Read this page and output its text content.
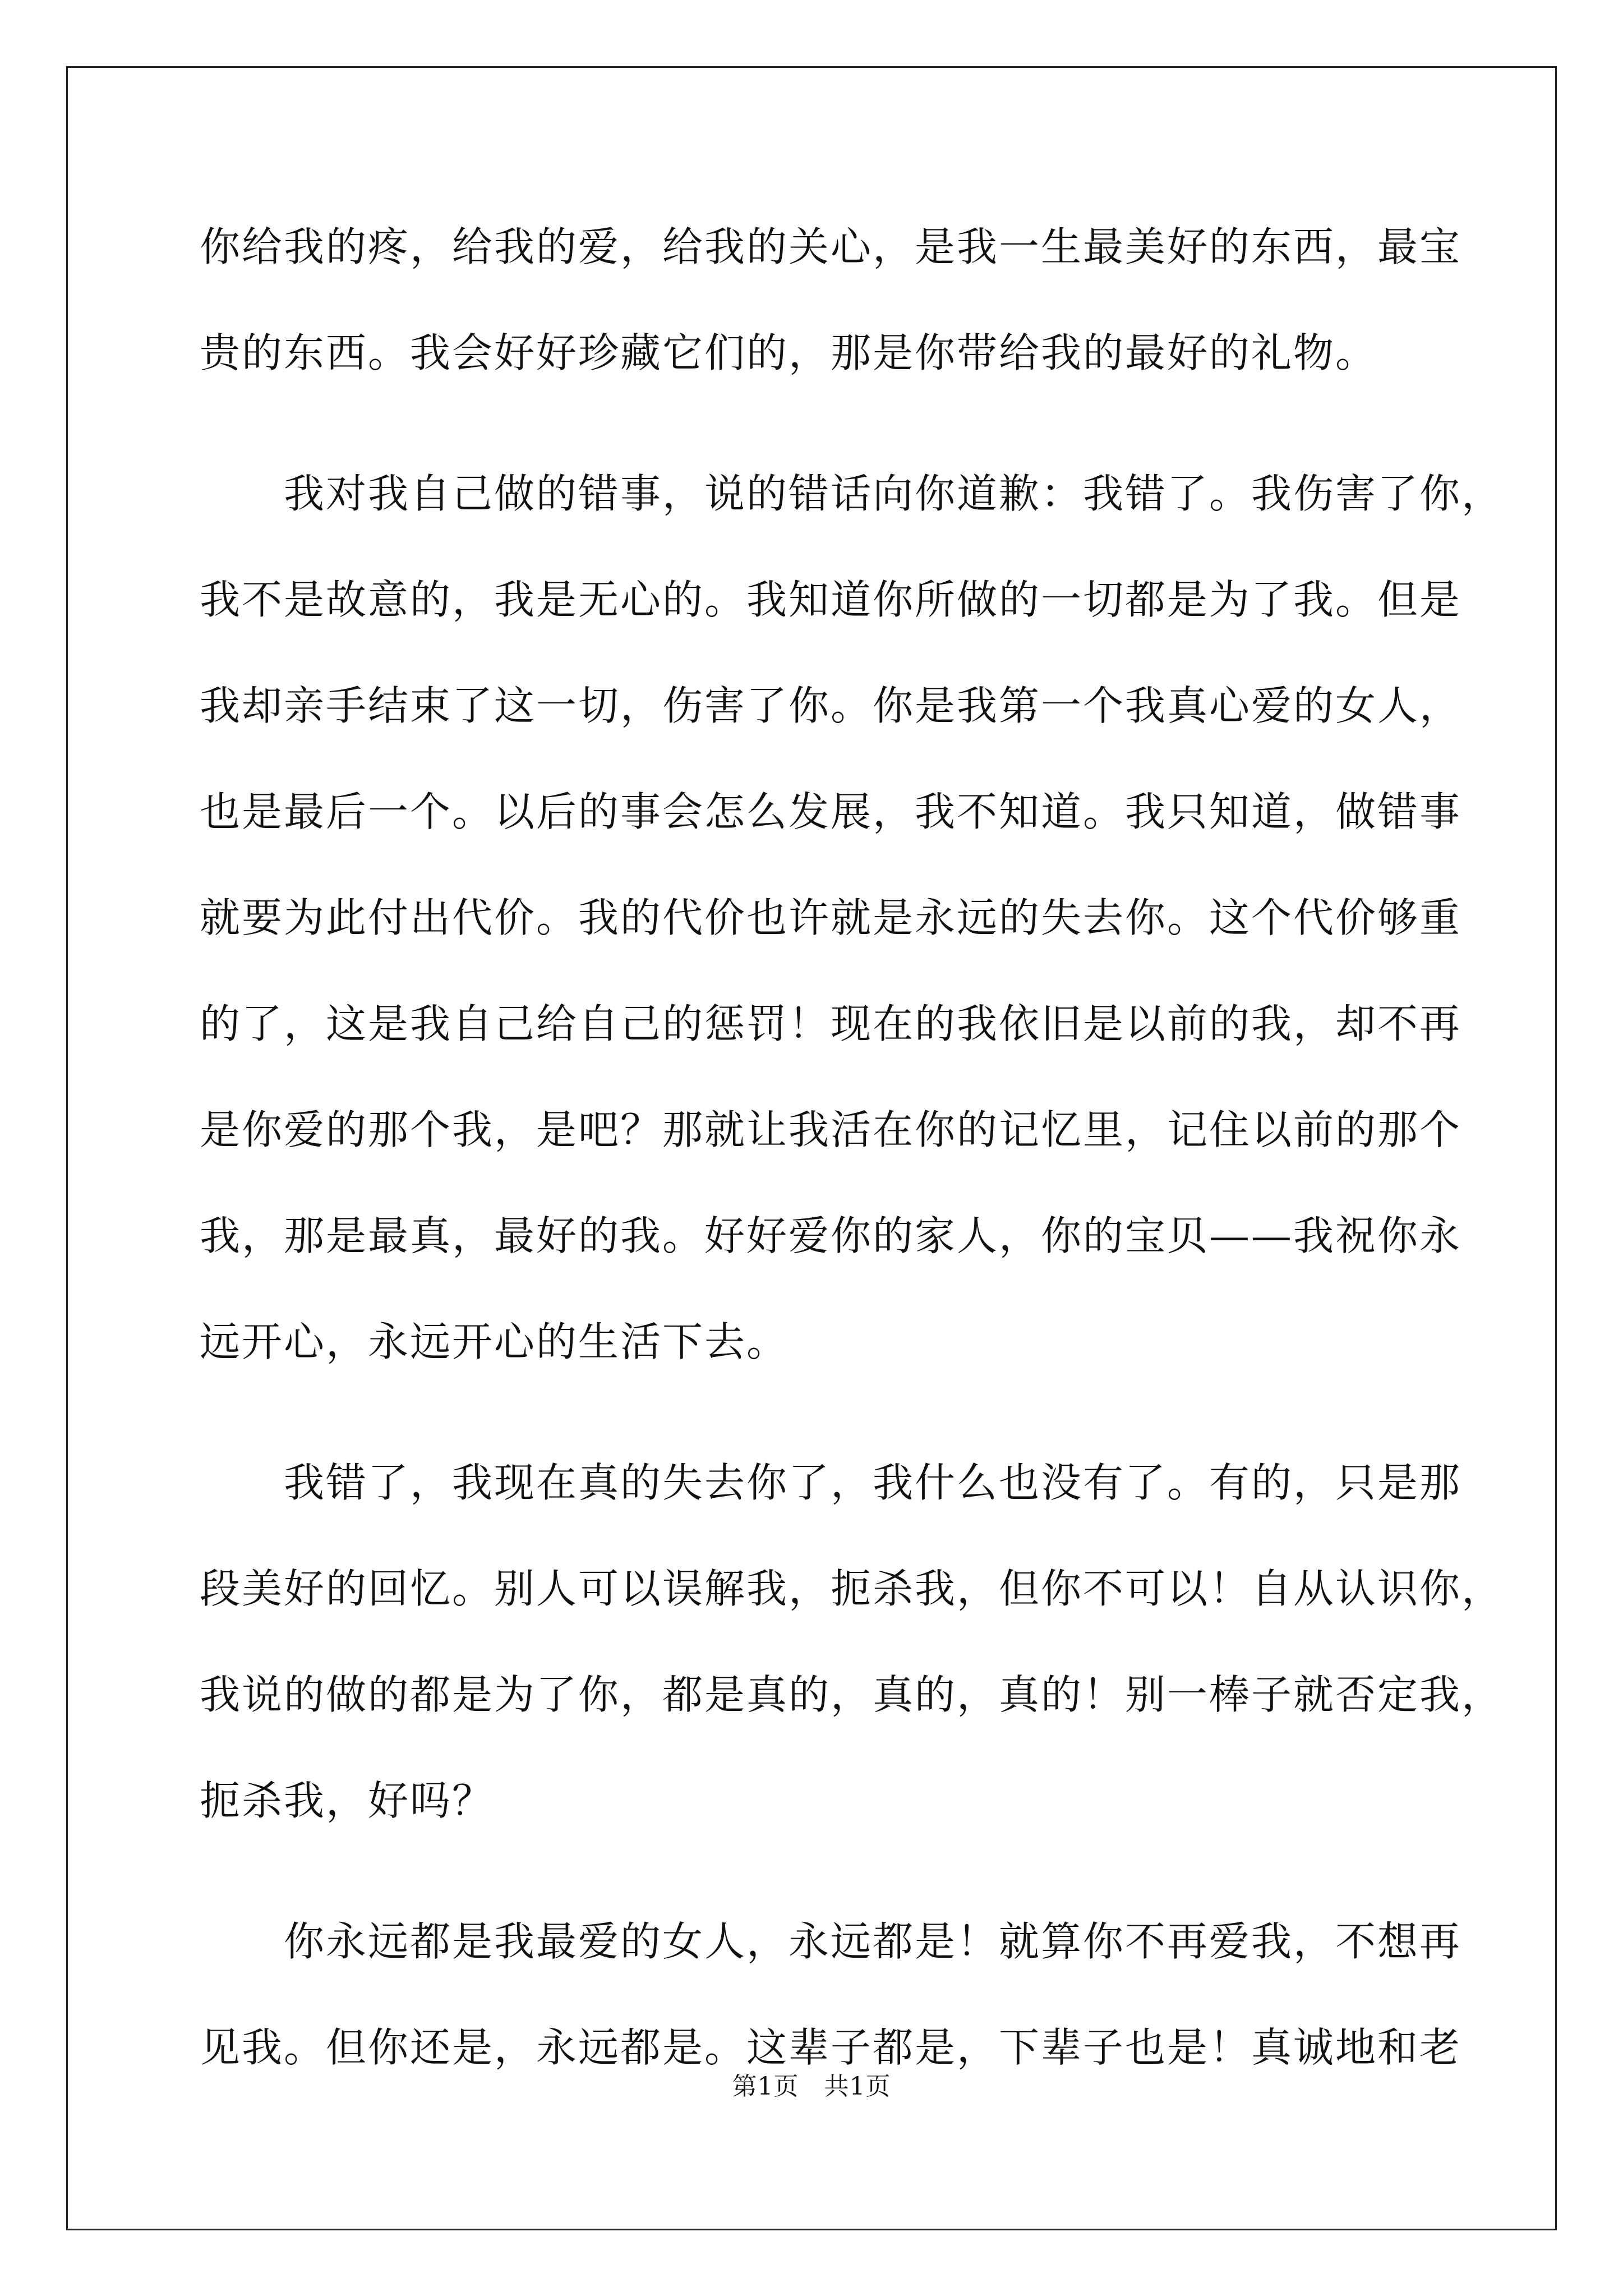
你给我的疼，给我的爱，给我的关心，是我一生最美好的东西，最宝
贵的东西。我会好好珍藏它们的，那是你带给我的最好的礼物。
　　我对我自己做的错事，说的错话向你道歉：我错了。我伤害了你，
我不是故意的，我是无心的。我知道你所做的一切都是为了我。但是
我却亲手结束了这一切，伤害了你。你是我第一个我真心爱的女人，
也是最后一个。以后的事会怎么发展，我不知道。我只知道，做错事
就要为此付出代价。我的代价也许就是永远的失去你。这个代价够重
的了，这是我自己给自己的惩罚！现在的我依旧是以前的我，却不再
是你爱的那个我，是吧？那就让我活在你的记忆里，记住以前的那个
我，那是最真，最好的我。好好爱你的家人，你的宝贝——我祝你永
远开心，永远开心的生活下去。
　　我错了，我现在真的失去你了，我什么也没有了。有的，只是那
段美好的回忆。别人可以误解我，扼杀我，但你不可以！自从认识你，
我说的做的都是为了你，都是真的，真的，真的！别一棒子就否定我，
扼杀我，好吗？
　　你永远都是我最爱的女人，永远都是！就算你不再爱我，不想再
见我。但你还是，永远都是。这辈子都是，下辈子也是！真诚地和老
第1页   共1页
